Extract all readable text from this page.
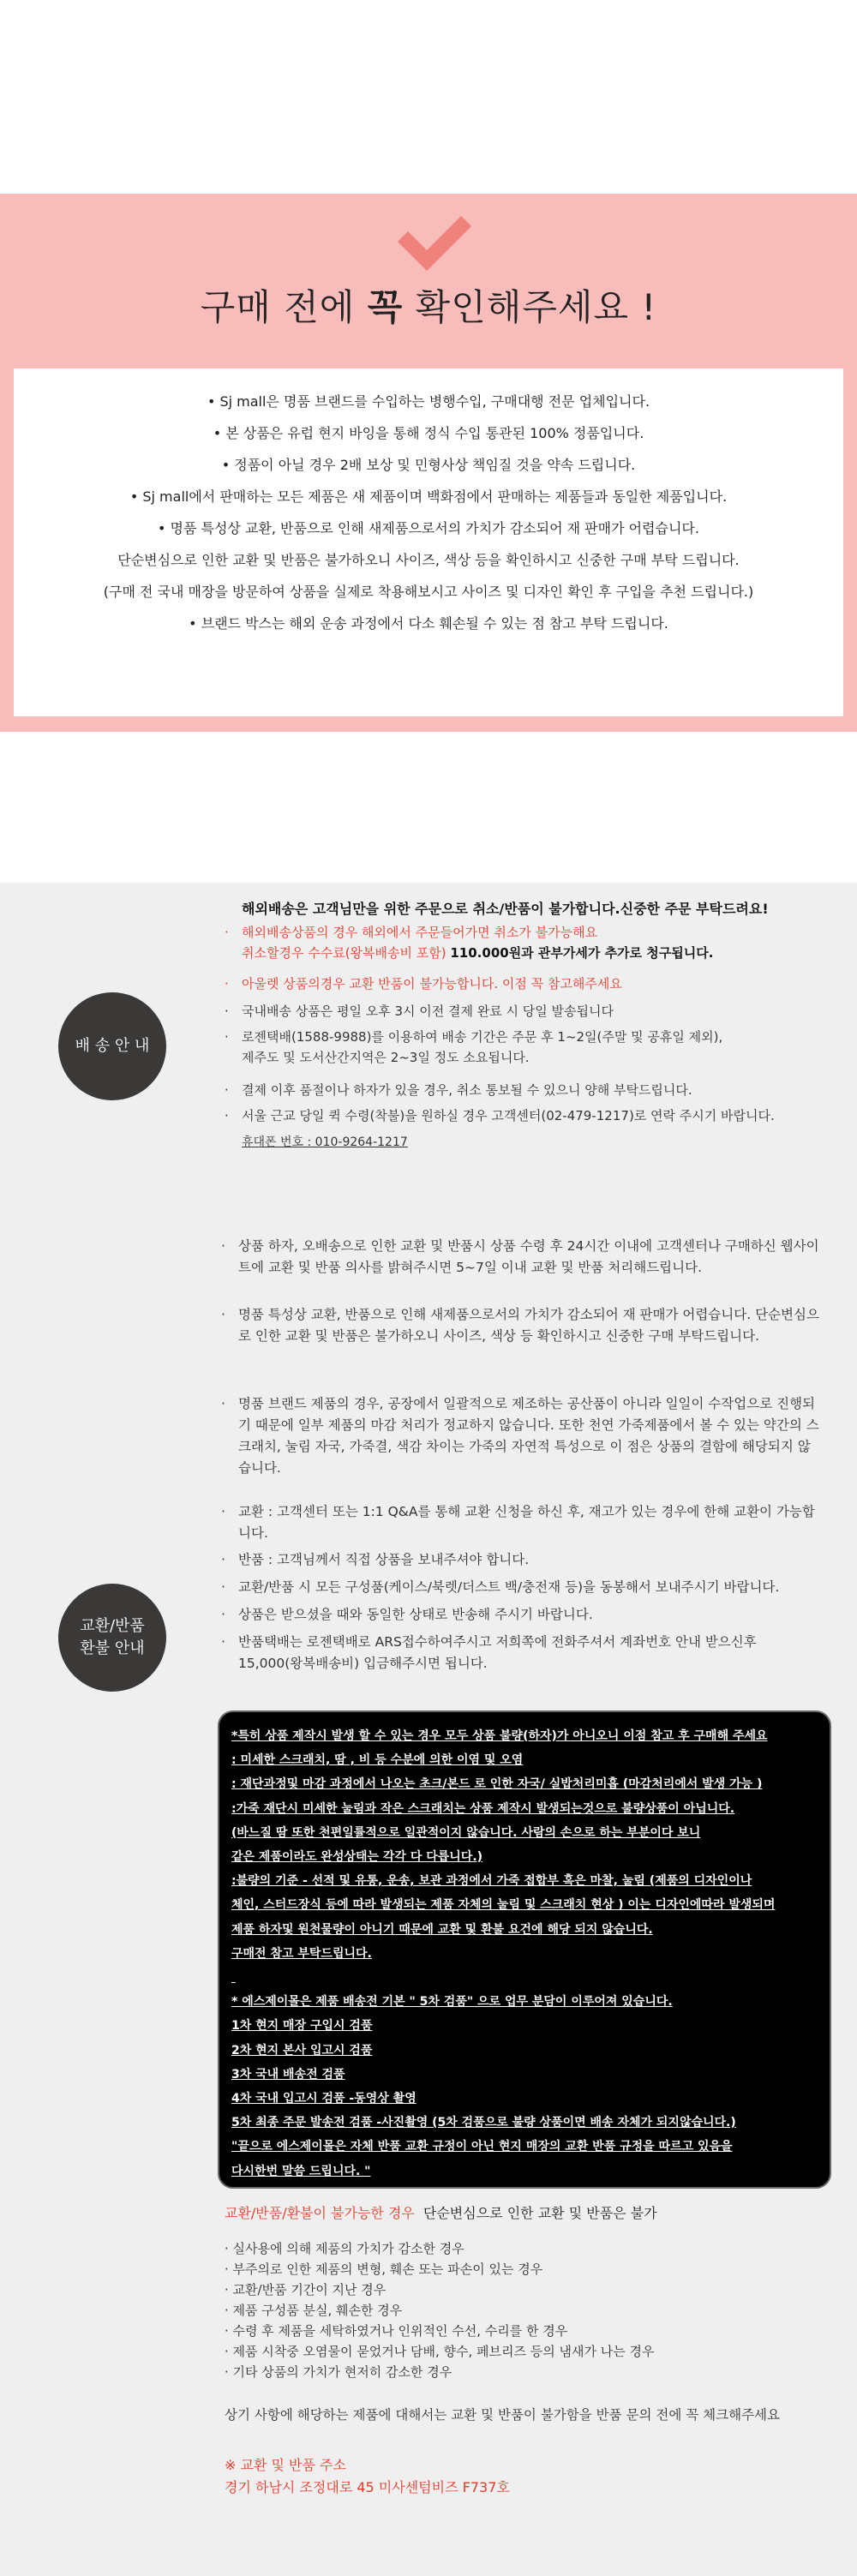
구매 전에 꼭 확인해주세요 !
• Sj mall은 명품 브랜드를 수입하는 병행수입, 구매대행 전문 업체입니다.
• 본 상품은 유럽 현지 바잉을 통해 정식 수입 통관된 100% 정품입니다.
• 정품이 아닐 경우 2배 보상 및 민형사상 책임질 것을 약속 드립니다.
• Sj mall에서 판매하는 모든 제품은 새 제품이며 백화점에서 판매하는 제품들과 동일한 제품입니다.
• 명품 특성상 교환, 반품으로 인해 새제품으로서의 가치가 감소되어 재 판매가 어렵습니다.
단순변심으로 인한 교환 및 반품은 불가하오니 사이즈, 색상 등을 확인하시고 신중한 구매 부탁 드립니다.
(구매 전 국내 매장을 방문하여 상품을 실제로 착용해보시고 사이즈 및 디자인 확인 후 구입을 추천 드립니다.)
• 브랜드 박스는 해외 운송 과정에서 다소 훼손될 수 있는 점 참고 부탁 드립니다.
배 송 안 내
해외배송은 고객님만을 위한 주문으로 취소/반품이 불가합니다.신중한 주문 부탁드려요!
·	해외배송상품의 경우 해외에서 주문들어가면 취소가 불가능해요
취소할경우 수수료(왕복배송비 포함) 110.000원과 관부가세가 추가로 청구됩니다.
·	아울렛 상품의경우 교환 반품이 불가능합니다. 이점 꼭 참고해주세요
·	국내배송 상품은 평일 오후 3시 이전 결제 완료 시 당일 발송됩니다
·	로젠택배(1588-9988)를 이용하여 배송 기간은 주문 후 1~2일(주말 및 공휴일 제외),
제주도 및 도서산간지역은 2~3일 정도 소요됩니다.
·	결제 이후 품절이나 하자가 있을 경우, 취소 통보될 수 있으니 양해 부탁드립니다.
·	서울 근교 당일 퀵 수령(착불)을 원하실 경우 고객센터(02-479-1217)로 연락 주시기 바랍니다.
휴대폰 번호 : 010-9264-1217
교환/반품
환불 안내
· 상품 하자, 오배송으로 인한 교환 및 반품시 상품 수령 후 24시간 이내에 고객센터나 구매하신 웹사이트에 교환 및 반품 의사를 밝혀주시면 5~7일 이내 교환 및 반품 처리해드립니다.
· 명품 특성상 교환, 반품으로 인해 새제품으로서의 가치가 감소되어 재 판매가 어렵습니다. 단순변심으로 인한 교환 및 반품은 불가하오니 사이즈, 색상 등 확인하시고 신중한 구매 부탁드립니다.
· 명품 브랜드 제품의 경우, 공장에서 일괄적으로 제조하는 공산품이 아니라 일일이 수작업으로 진행되기 때문에 일부 제품의 마감 처리가 정교하지 않습니다. 또한 천연 가죽제품에서 볼 수 있는 약간의 스크래치, 눌림 자국, 가죽결, 색감 차이는 가죽의 자연적 특성으로 이 점은 상품의 결함에 해당되지 않습니다.
· 교환 : 고객센터 또는 1:1 Q&A를 통해 교환 신청을 하신 후, 재고가 있는 경우에 한해 교환이 가능합니다.
· 반품 : 고객님께서 직접 상품을 보내주셔야 합니다.
· 교환/반품 시 모든 구성품(케이스/북렛/더스트 백/충전재 등)을 동봉해서 보내주시기 바랍니다.
· 상품은 받으셨을 때와 동일한 상태로 반송해 주시기 바랍니다.
· 반품택배는 로젠택배로 ARS접수하여주시고 저희쪽에 전화주셔서 계좌번호 안내 받으신후 15,000(왕복배송비) 입금해주시면 됩니다.
*특히 상품 제작시 발생 할 수 있는 경우 모두 상품 불량(하자)가 아니오니 이점 참고 후 구매해 주세요
: 미세한 스크래치, 땀 , 비 등 수분에 의한 이염 및 오염
: 재단과정및 마감 과정에서 나오는 초크/본드 로 인한 자국/ 실밥처리미흡 (마감처리에서 발생 가능 )
:가죽 재단시 미세한 눌림과 작은 스크래치는 상품 제작시 발생되는것으로 불량상품이 아닙니다.
(바느질 땀 또한 천편일률적으로 일관적이지 않습니다. 사람의 손으로 하는 부분이다 보니
같은 제품이라도 완성상태는 각각 다 다릅니다.)
:불량의 기준 - 선적 및 유통, 운송, 보관 과정에서 가죽 접합부 혹은 마찰, 눌림 (제품의 디자인이나
체인, 스터드장식 등에 따라 발생되는 제품 자체의 눌림 및 스크래치 현상 ) 이는 디자인에따라 발생되며
제품 하자및 원천물량이 아니기 때문에 교환 및 환불 요건에 해당 되지 않습니다.
구매전 참고 부탁드립니다.

* 에스제이몰은 제품 배송전 기본 " 5차 검품" 으로 업무 분담이 이루어져 있습니다.
1차 현지 매장 구입시 검품
2차 현지 본사 입고시 검품
3차 국내 배송전 검품
4차 국내 입고시 검품 -동영상 촬영
5차 최종 주문 발송전 검품 -사진촬영 (5차 검품으로 불량 상품이면 배송 자체가 되지않습니다.)
"끝으로 에스제이몰은 자체 반품 교환 규정이 아닌 현지 매장의 교환 반품 규정을 따르고 있음을
다시한번 말씀 드립니다. "
교환/반품/환불이 불가능한 경우 단순변심으로 인한 교환 및 반품은 불가
· 실사용에 의해 제품의 가치가 감소한 경우
· 부주의로 인한 제품의 변형, 훼손 또는 파손이 있는 경우
· 교환/반품 기간이 지난 경우
· 제품 구성품 분실, 훼손한 경우
· 수령 후 제품을 세탁하였거나 인위적인 수선, 수리를 한 경우
· 제품 시착중 오염물이 묻었거나 담배, 향수, 페브리즈 등의 냄새가 나는 경우
· 기타 상품의 가치가 현저히 감소한 경우
상기 사항에 해당하는 제품에 대해서는 교환 및 반품이 불가함을 반품 문의 전에 꼭 체크해주세요
※ 교환 및 반품 주소
경기 하남시 조정대로 45 미사센텀비즈 F737호
